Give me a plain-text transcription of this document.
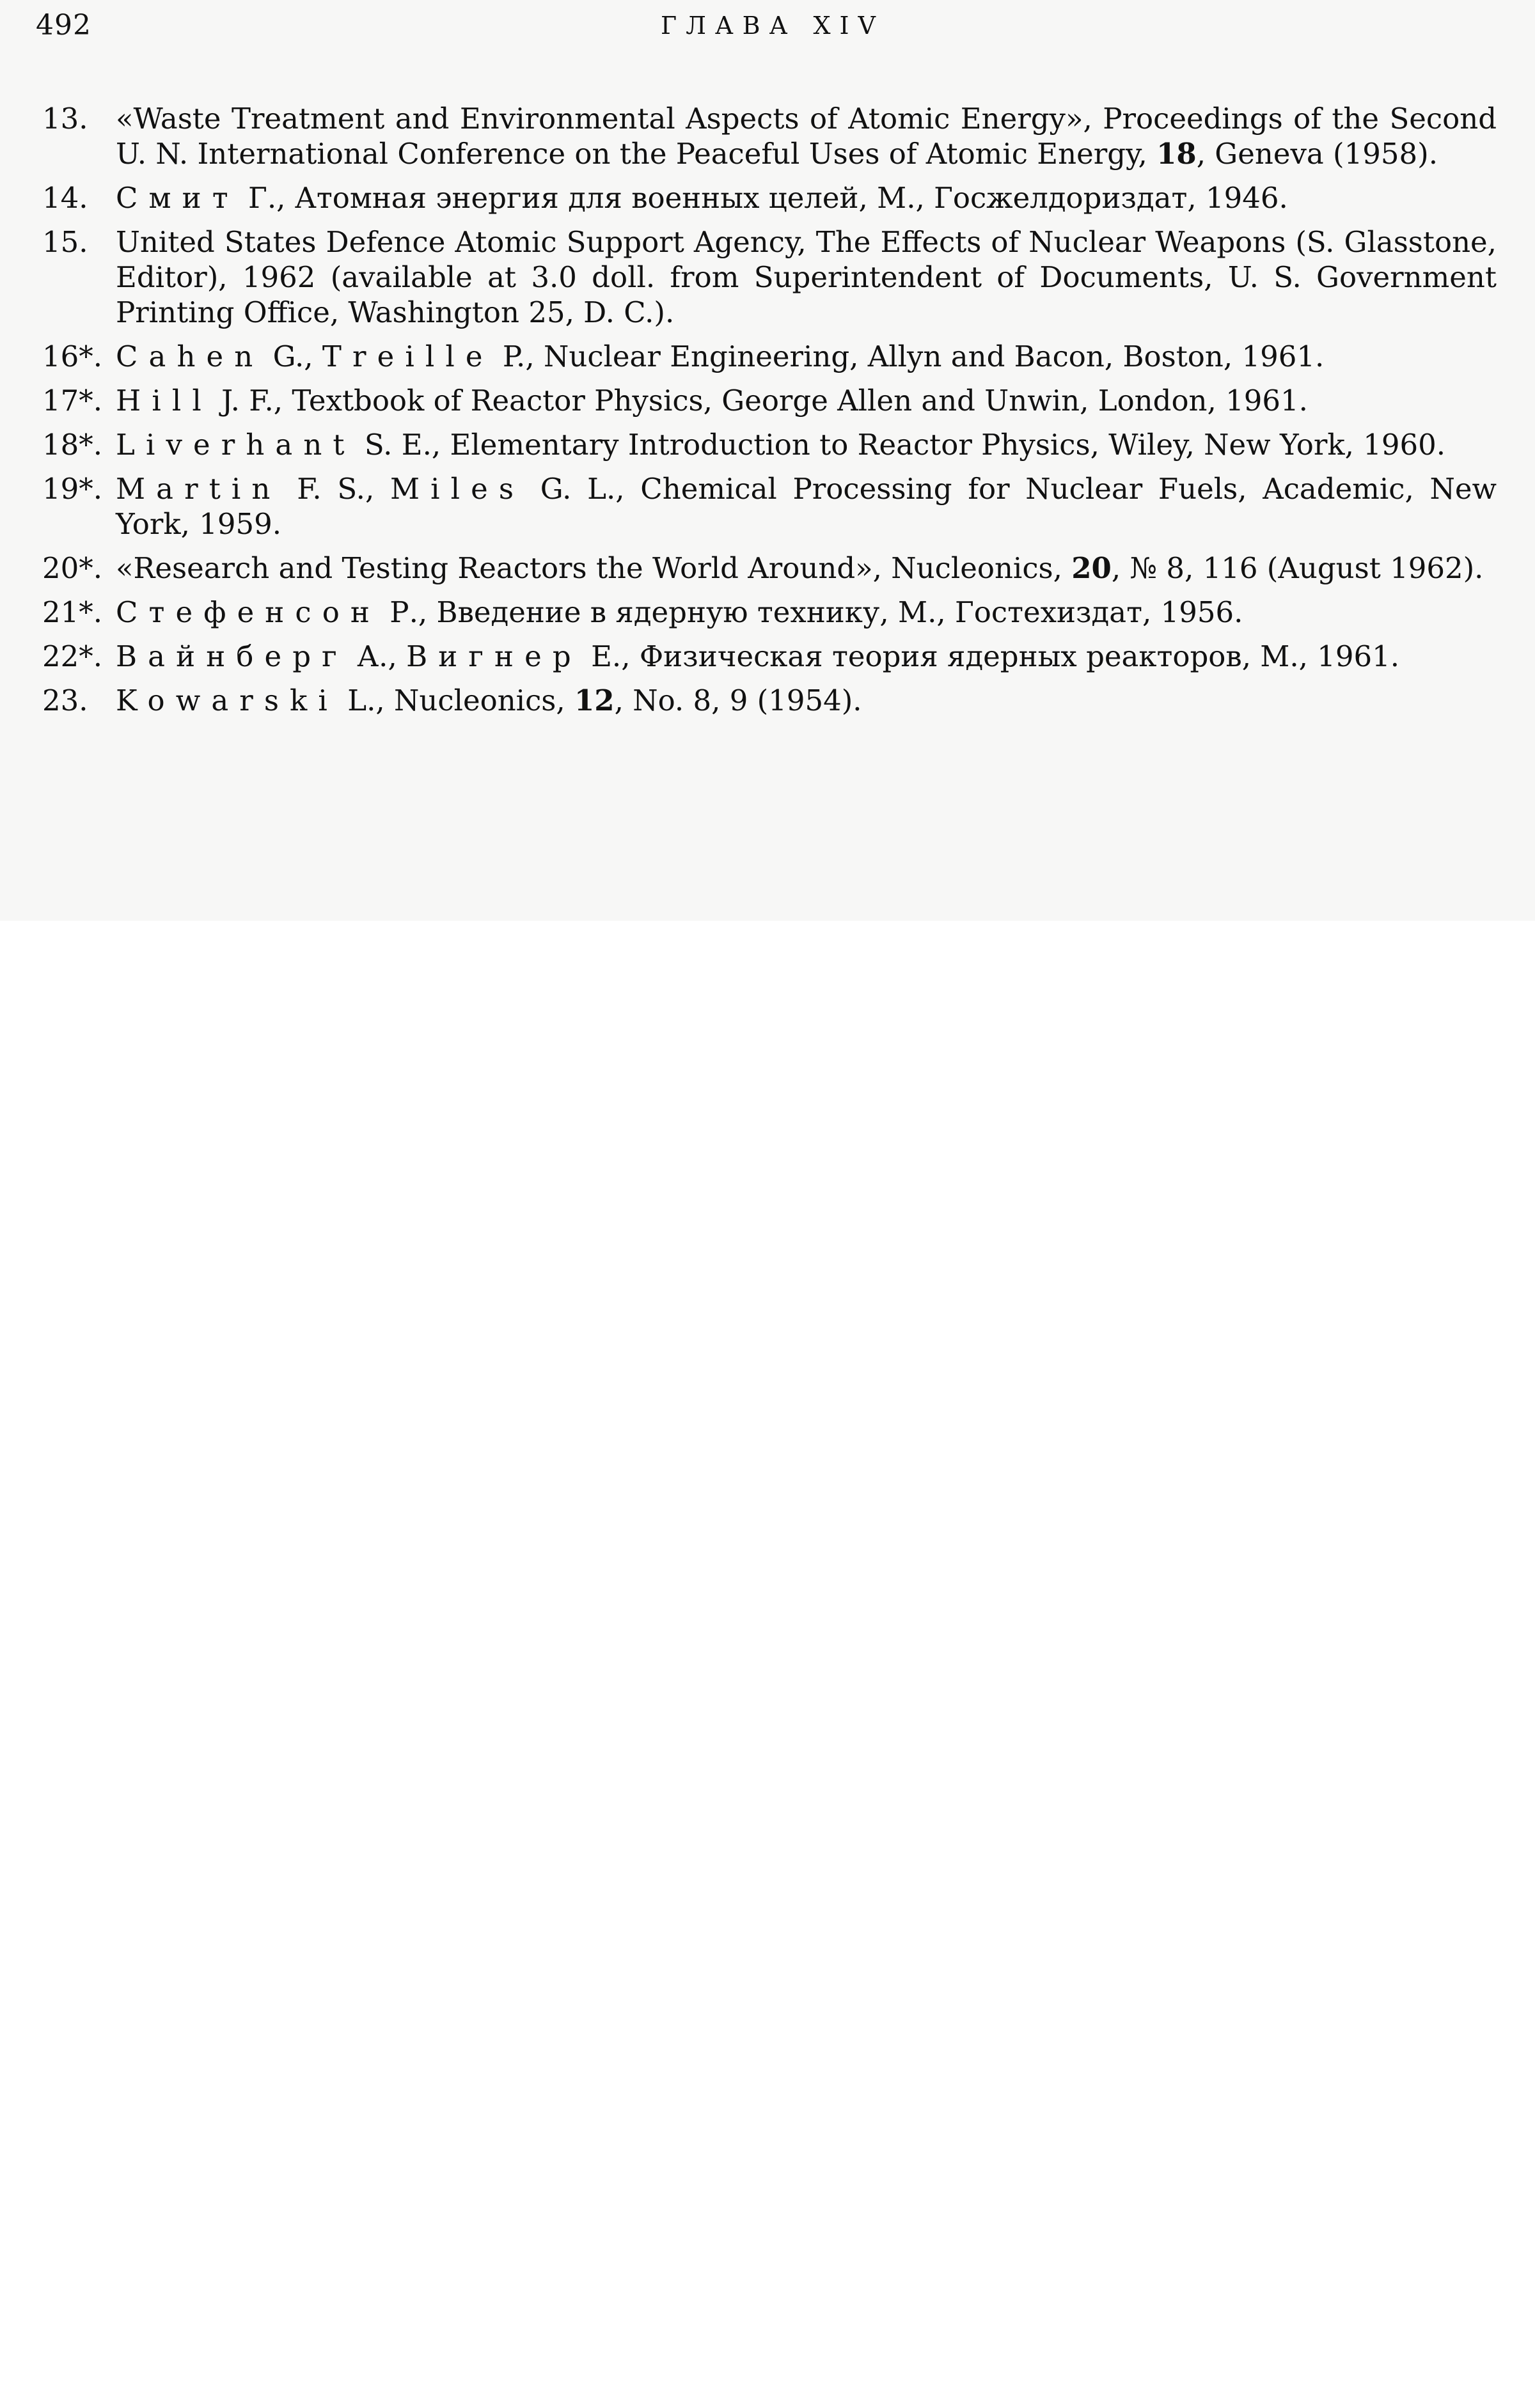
492	ГЛАВА XIV
13. «Waste Treatment and Environmental Aspects of Atomic Energy», Proceedings of the Second U. N. International Conference on the Peaceful Uses of Atomic Energy, 18, Geneva (1958).
14. Смит Г., Атомная энергия для военных целей, М., Госжелдориздат, 1946.
15. United States Defence Atomic Support Agency, The Effects of Nuclear Weapons (S. Glasstone, Editor), 1962 (available at 3.0 doll. from Superintendent of Documents, U. S. Government Printing Office, Washington 25, D. C.).
16*. Cahen G., Treille P., Nuclear Engineering, Allyn and Bacon, Boston, 1961.
17*. Hill J. F., Textbook of Reactor Physics, George Allen and Unwin, London, 1961.
18*. Liverhant S. E., Elementary Introduction to Reactor Physics, Wiley, New York, 1960.
19*. Martin F. S., Miles G. L., Chemical Processing for Nuclear Fuels, Academic, New York, 1959.
20*. «Research and Testing Reactors the World Around», Nucleonics, 20, № 8, 116 (August 1962).
21*. Стефенсон Р., Введение в ядерную технику, М., Гостехиздат, 1956.
22*. Вайнберг А., Вигнер Е., Физическая теория ядерных реакторов, М., 1961.
23. Kowarski L., Nucleonics, 12, No. 8, 9 (1954).
